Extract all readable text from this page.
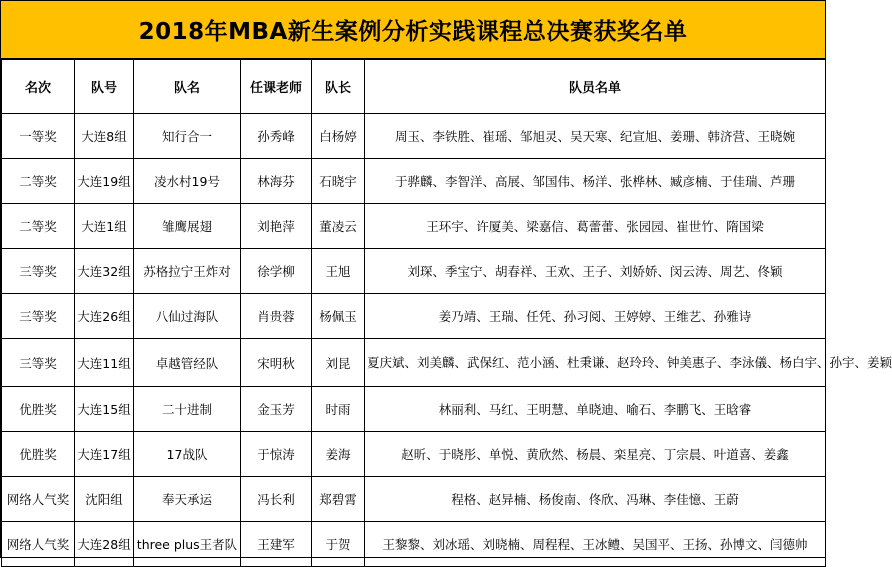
2018年MBA新生案例分析实践课程总决赛获奖名单
名次	队号	队名	任课老师	队长	队员名单
一等奖	大连8组	知行合一	孙秀峰	白杨婷	周玉、李铁胜、崔瑶、邹旭灵、吴天寒、纪宣旭、姜珊、韩济营、王晓婉
二等奖	大连19组	凌水村19号	林海芬	石晓宇	于骅麟、李智洋、高展、邹国伟、杨洋、张桦林、臧彦楠、于佳瑞、芦珊
二等奖	大连1组	雏鹰展翅	刘艳萍	董凌云	王环宇、许厦美、梁嘉信、葛蕾蕾、张园园、崔世竹、隋国梁
三等奖	大连32组	苏格拉宁王炸对	徐学柳	王旭	刘琛、季宝宁、胡春祥、王欢、王子、刘娇娇、闵云涛、周艺、佟颖
三等奖	大连26组	八仙过海队	肖贵蓉	杨佩玉	姜乃靖、王瑞、任凭、孙习阅、王婷婷、王维艺、孙雅诗
三等奖	大连11组	卓越管经队	宋明秋	刘昆	夏庆斌、刘美麟、武保红、范小涵、杜秉谦、赵玲玲、钟美惠子、李泳儀、杨白宇、孙宇、姜颖
优胜奖	大连15组	二十进制	金玉芳	时雨	林丽利、马红、王明慧、单晓迪、喻石、李鹏飞、王晗睿
优胜奖	大连17组	17战队	于惊涛	姜海	赵昕、于晓彤、单悦、黄欣然、杨晨、栾星亮、丁宗晨、叶道喜、姜鑫
网络人气奖	沈阳组	奉天承运	冯长利	郑碧霄	程格、赵异楠、杨俊南、佟欣、冯琳、李佳憶、王蔚
网络人气奖	大连28组	three plus王者队	王建军	于贺	王黎黎、刘冰瑶、刘晓楠、周程程、王冰鳢、吴国平、王扬、孙博文、闫德帅
